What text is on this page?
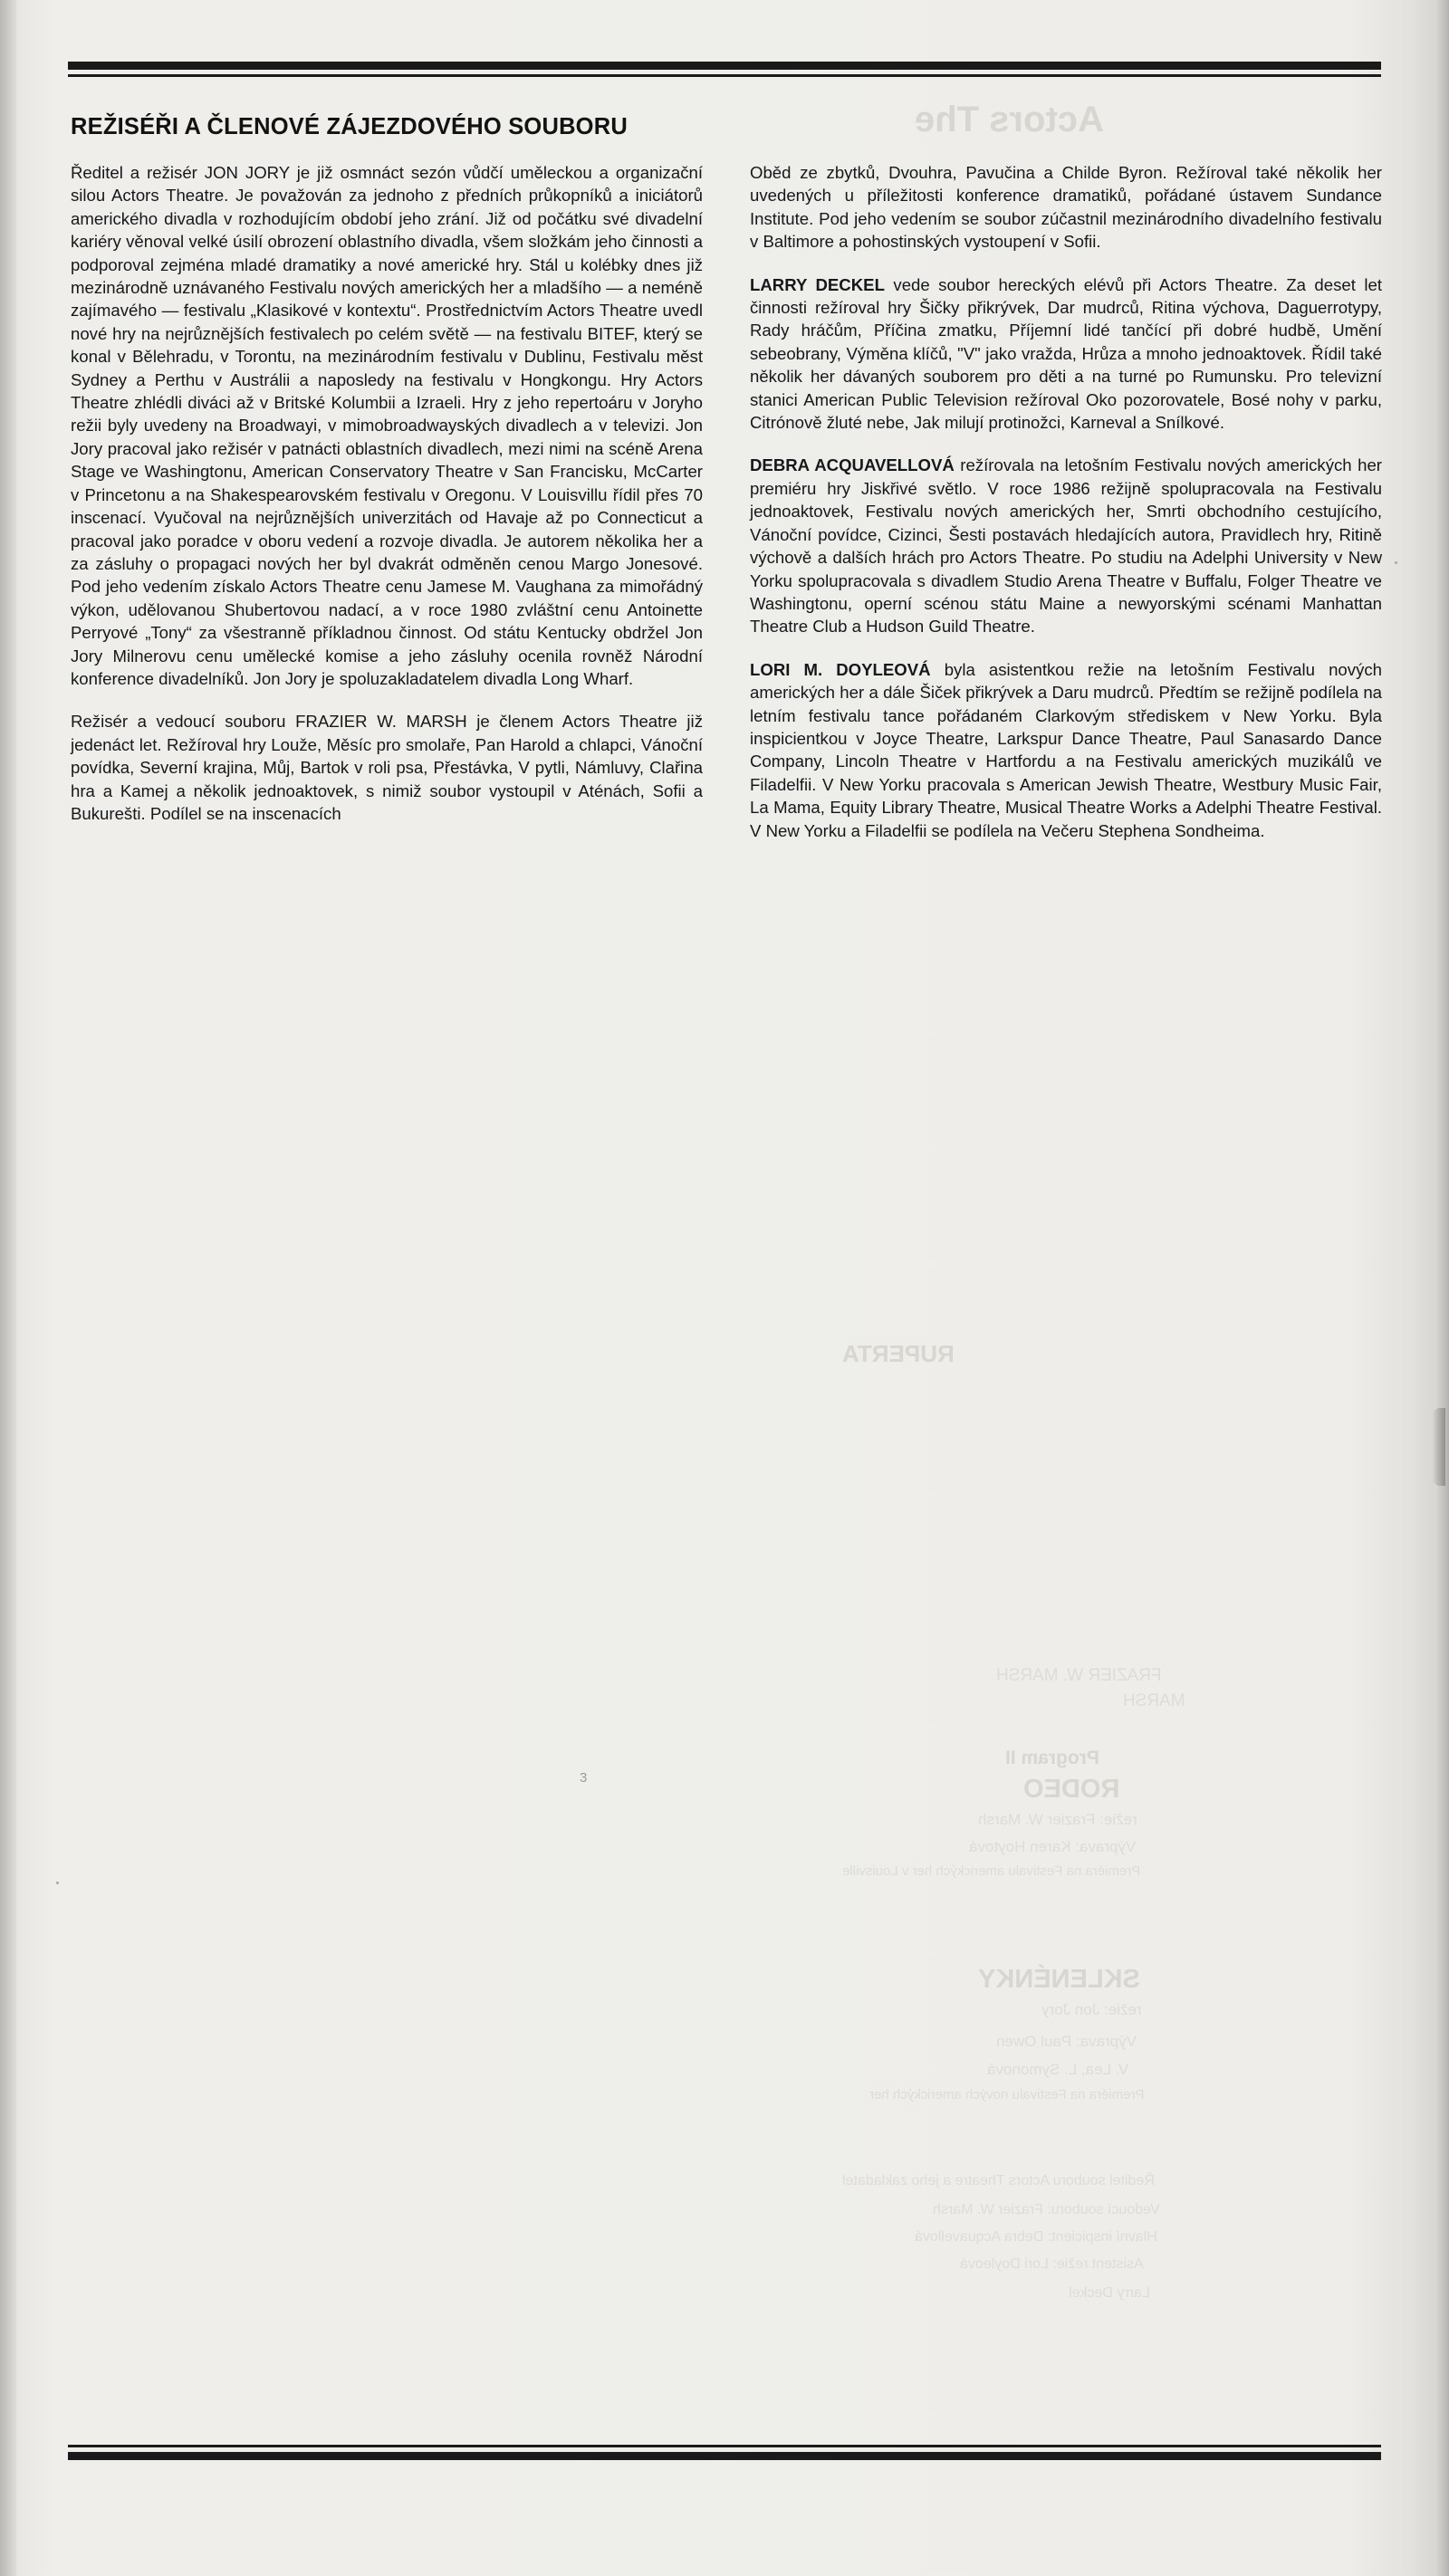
REŽISÉŘI A ČLENOVÉ ZÁJEZDOVÉHO SOUBORU

Ředitel a režisér JON JORY je již osmnáct sezón vůdčí uměleckou a organizační silou Actors Theatre. Je považován za jednoho z předních průkopníků a iniciátorů amerického divadla v rozhodujícím období jeho zrání. Již od počátku své divadelní kariéry věnoval velké úsilí obrození oblastního divadla, všem složkám jeho činnosti a podporoval zejména mladé dramatiky a nové americké hry. Stál u kolébky dnes již mezinárodně uznávaného Festivalu nových amerických her a mladšího — a neméně zajímavého — festivalu „Klasikové v kontextu“. Prostřednictvím Actors Theatre uvedl nové hry na nejrůznějších festivalech po celém světě — na festivalu BITEF, který se konal v Bělehradu, v Torontu, na mezinárodním festivalu v Dublinu, Festivalu měst Sydney a Perthu v Austrálii a naposledy na festivalu v Hongkongu. Hry Actors Theatre zhlédli diváci až v Britské Kolumbii a Izraeli. Hry z jeho repertoáru v Joryho režii byly uvedeny na Broadwayi, v mimobroadwayských divadlech a v televizi. Jon Jory pracoval jako režisér v patnácti oblastních divadlech, mezi nimi na scéně Arena Stage ve Washingtonu, American Conservatory Theatre v San Francisku, McCarter v Princetonu a na Shakespearovském festivalu v Oregonu. V Louisvillu řídil přes 70 inscenací. Vyučoval na nejrůznějších univerzitách od Havaje až po Connecticut a pracoval jako poradce v oboru vedení a rozvoje divadla. Je autorem několika her a za zásluhy o propagaci nových her byl dvakrát odměněn cenou Margo Jonesové. Pod jeho vedením získalo Actors Theatre cenu Jamese M. Vaughana za mimořádný výkon, udělovanou Shubertovou nadací, a v roce 1980 zvláštní cenu Antoinette Perryové „Tony“ za všestranně příkladnou činnost. Od státu Kentucky obdržel Jon Jory Milnerovu cenu umělecké komise a jeho zásluhy ocenila rovněž Národní konference divadelníků. Jon Jory je spoluzakladatelem divadla Long Wharf.

Režisér a vedoucí souboru FRAZIER W. MARSH je členem Actors Theatre již jedenáct let. Režíroval hry Louže, Měsíc pro smolaře, Pan Harold a chlapci, Vánoční povídka, Severní krajina, Můj, Bartok v roli psa, Přestávka, V pytli, Námluvy, Clařina hra a Kamej a několik jednoaktovek, s nimiž soubor vystoupil v Aténách, Sofii a Bukurešti. Podílel se na inscenacích

Oběd ze zbytků, Dvouhra, Pavučina a Childe Byron. Režíroval také několik her uvedených u příležitosti konference dramatiků, pořádané ústavem Sundance Institute. Pod jeho vedením se soubor zúčastnil mezinárodního divadelního festivalu v Baltimore a pohostinských vystoupení v Sofii.

LARRY DECKEL vede soubor hereckých elévů při Actors Theatre. Za deset let činnosti režíroval hry Šičky přikrývek, Dar mudrců, Ritina výchova, Daguerrotypy, Rady hráčům, Příčina zmatku, Příjemní lidé tančící při dobré hudbě, Umění sebeobrany, Výměna klíčů, "V" jako vražda, Hrůza a mnoho jednoaktovek. Řídil také několik her dávaných souborem pro děti a na turné po Rumunsku. Pro televizní stanici American Public Television režíroval Oko pozorovatele, Bosé nohy v parku, Citrónově žluté nebe, Jak milují protinožci, Karneval a Snílkové.

DEBRA ACQUAVELLOVÁ režírovala na letošním Festivalu nových amerických her premiéru hry Jiskřivé světlo. V roce 1986 režijně spolupracovala na Festivalu jednoaktovek, Festivalu nových amerických her, Smrti obchodního cestujícího, Vánoční povídce, Cizinci, Šesti postavách hledajících autora, Pravidlech hry, Ritině výchově a dalších hrách pro Actors Theatre. Po studiu na Adelphi University v New Yorku spolupracovala s divadlem Studio Arena Theatre v Buffalu, Folger Theatre ve Washingtonu, operní scénou státu Maine a newyorskými scénami Manhattan Theatre Club a Hudson Guild Theatre.

LORI M. DOYLEOVÁ byla asistentkou režie na letošním Festivalu nových amerických her a dále Šiček přikrývek a Daru mudrců. Předtím se režijně podílela na letním festivalu tance pořádaném Clarkovým střediskem v New Yorku. Byla inspicientkou v Joyce Theatre, Larkspur Dance Theatre, Paul Sanasardo Dance Company, Lincoln Theatre v Hartfordu a na Festivalu amerických muzikálů ve Filadelfii. V New Yorku pracovala s American Jewish Theatre, Westbury Music Fair, La Mama, Equity Library Theatre, Musical Theatre Works a Adelphi Theatre Festival. V New Yorku a Filadelfii se podílela na Večeru Stephena Sondheima.

3
Actors The
RUPERTA
FRAZIER W. MARSH
MARSH
Program II
RODEO
režie: Frazier W. Marsh
Výprava: Karen Hoytová
Premiéra na Festivalu amerických her v Louisville
SKLENÉNKY
režie: Jon Jory
Výprava: Paul Owen
V. Lea, L. Symonová
Premiéra na Festivalu nových amerických her
Ředitel souboru Actors Theatre a jeho zakladatel
Vedoucí souboru: Frazier W. Marsh
Hlavní inspicient: Debra Acquavellová
Asistent režie: Lori Doyleová
Larry Deckel
